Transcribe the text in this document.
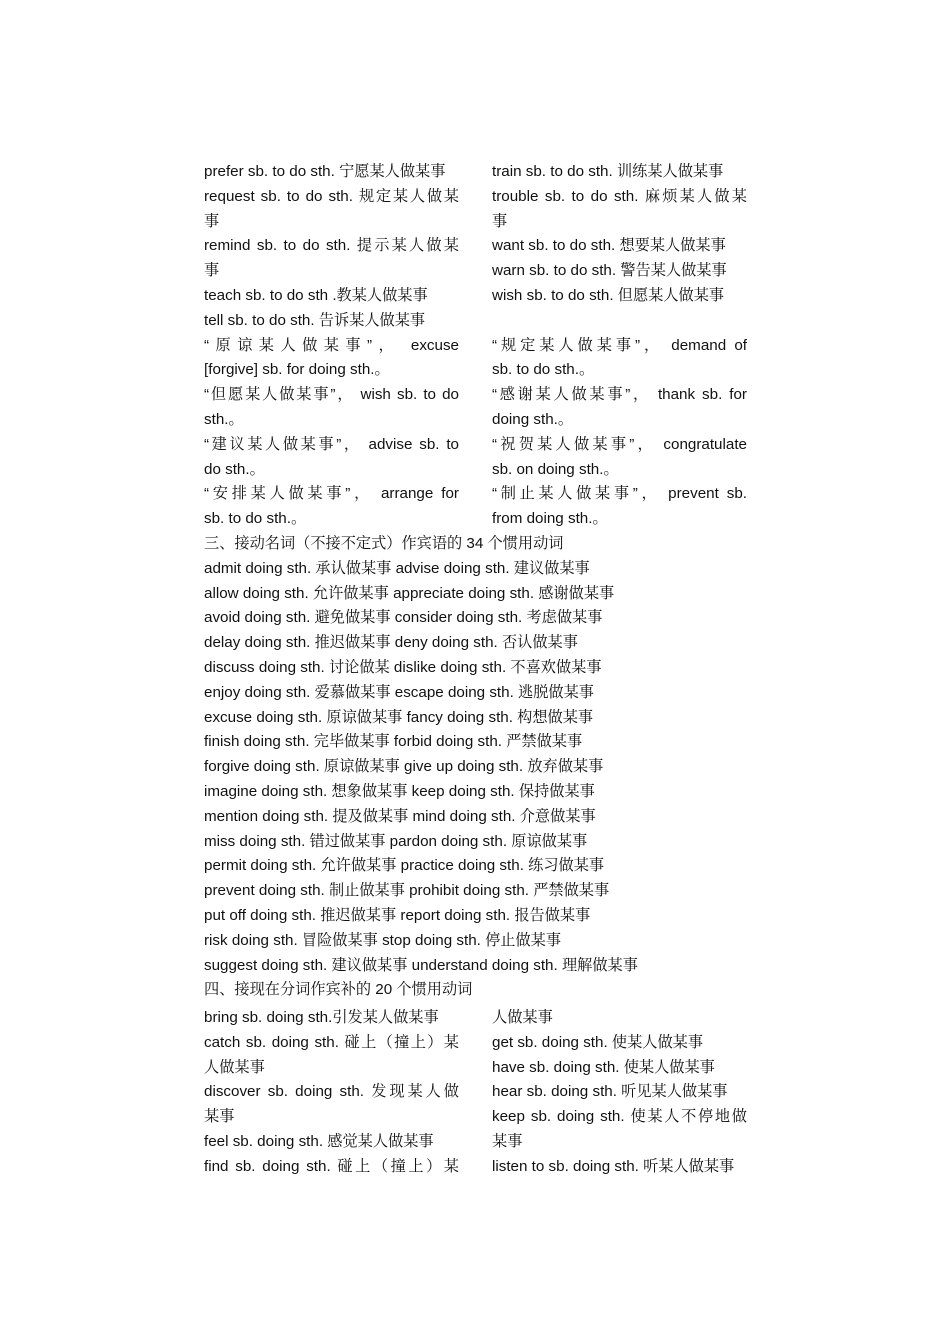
prefer sb. to do sth. 宁愿某人做某事
request sb. to do sth. 规定某人做某
事
remind sb. to do sth. 提示某人做某
事
teach sb. to do sth .教某人做某事
tell sb. to do sth. 告诉某人做某事
“原谅某人做某事”， excuse
[forgive] sb. for doing sth.。
“但愿某人做某事”， wish sb. to do
sth.。
“建议某人做某事”， advise sb. to
do sth.。
“安排某人做某事”， arrange for
sb. to do sth.。
train sb. to do sth. 训练某人做某事
trouble sb. to do sth. 麻烦某人做某
事
want sb. to do sth. 想要某人做某事
warn sb. to do sth. 警告某人做某事
wish sb. to do sth. 但愿某人做某事
“规定某人做某事”， demand of
sb. to do sth.。
“感谢某人做某事”， thank sb. for
doing sth.。
“祝贺某人做某事”， congratulate
sb. on doing sth.。
“制止某人做某事”， prevent sb.
from doing sth.。
三、接动名词（不接不定式）作宾语的 34 个惯用动词
admit doing sth. 承认做某事 advise doing sth. 建议做某事
allow doing sth. 允许做某事 appreciate doing sth. 感谢做某事
avoid doing sth. 避免做某事 consider doing sth. 考虑做某事
delay doing sth. 推迟做某事 deny doing sth. 否认做某事
discuss doing sth. 讨论做某 dislike doing sth. 不喜欢做某事
enjoy doing sth. 爱慕做某事 escape doing sth. 逃脱做某事
excuse doing sth. 原谅做某事 fancy doing sth. 构想做某事
finish doing sth. 完毕做某事 forbid doing sth. 严禁做某事
forgive doing sth. 原谅做某事 give up doing sth. 放弃做某事
imagine doing sth. 想象做某事 keep doing sth. 保持做某事
mention doing sth. 提及做某事 mind doing sth. 介意做某事
miss doing sth. 错过做某事 pardon doing sth. 原谅做某事
permit doing sth. 允许做某事 practice doing sth. 练习做某事
prevent doing sth. 制止做某事 prohibit doing sth. 严禁做某事
put off doing sth. 推迟做某事 report doing sth. 报告做某事
risk doing sth. 冒险做某事 stop doing sth. 停止做某事
suggest doing sth. 建议做某事 understand doing sth. 理解做某事
四、接现在分词作宾补的 20 个惯用动词
bring sb. doing sth.引发某人做某事
catch sb. doing sth. 碰上（撞上）某
人做某事
discover sb. doing sth. 发现某人做
某事
feel sb. doing sth. 感觉某人做某事
find sb. doing sth. 碰上（撞上）某
人做某事
get sb. doing sth. 使某人做某事
have sb. doing sth. 使某人做某事
hear sb. doing sth. 听见某人做某事
keep sb. doing sth. 使某人不停地做
某事
listen to sb. doing sth. 听某人做某事
